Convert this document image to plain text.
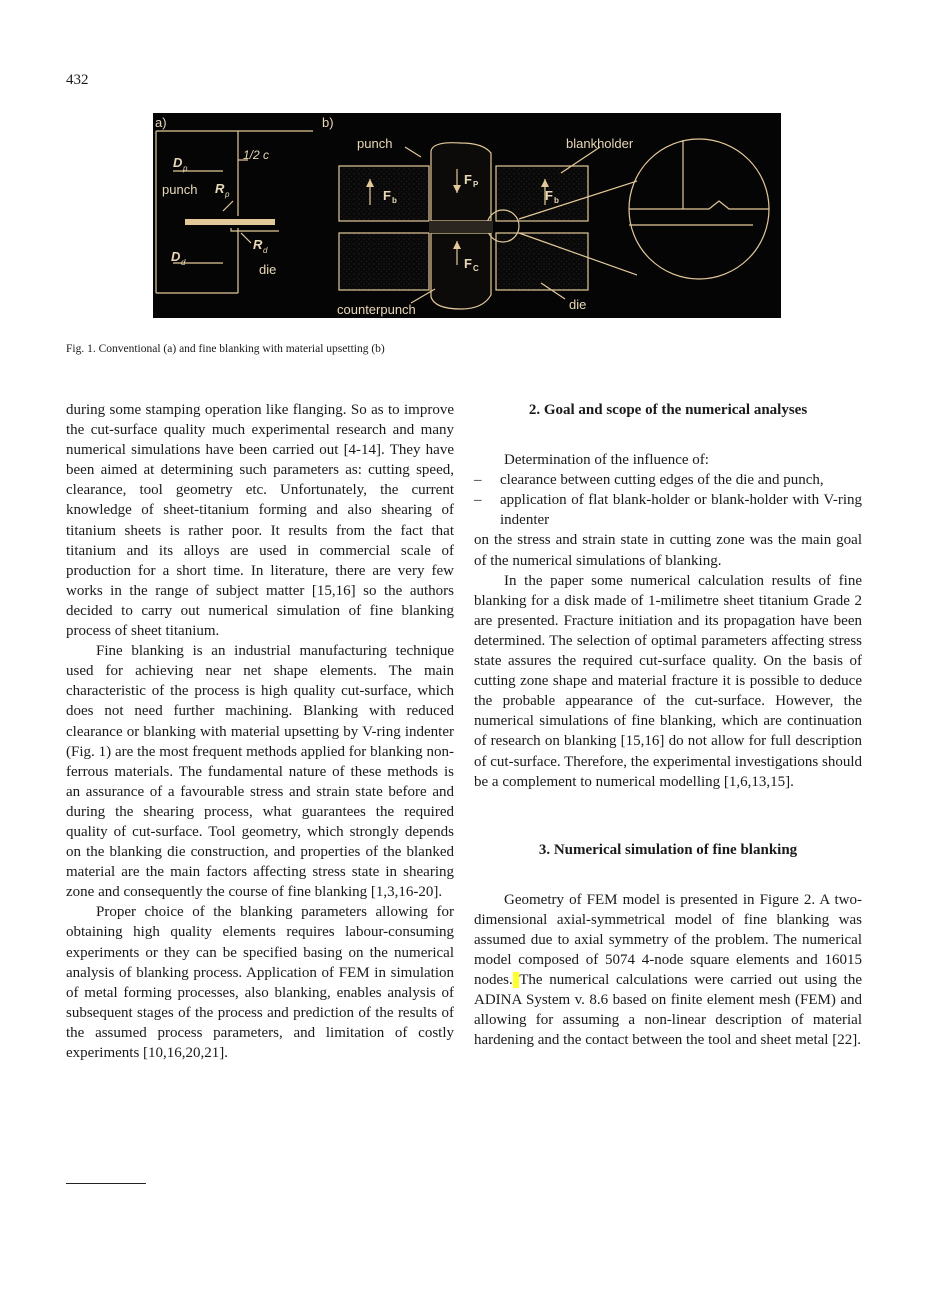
432
a)
D p
1/2 c
punch R p
R d
D d	die
b)
punch	blankholder
F b	F b
F P
F C
counterpunch	die
Fig. 1. Conventional (a) and fine blanking with material upsetting (b)

during some stamping operation like flanging. So as to improve the cut-surface quality much experimental research and many numerical simulations have been carried out [4-14]. They have been aimed at determining such parameters as: cutting speed, clearance, tool geometry etc. Unfortunately, the current knowledge of sheet-titanium forming and also shearing of titanium sheets is rather poor. It results from the fact that titanium and its alloys are used in commercial scale of production for a short time. In literature, there are very few works in the range of subject matter [15,16] so the authors decided to carry out numerical simulation of fine blanking process of sheet titanium.

Fine blanking is an industrial manufacturing technique used for achieving near net shape elements. The main characteristic of the process is high quality cut-surface, which does not need further machining. Blanking with reduced clearance or blanking with material upsetting by V-ring indenter (Fig. 1) are the most frequent methods applied for blanking non-ferrous materials. The fundamental nature of these methods is an assurance of a favourable stress and strain state before and during the shearing process, what guarantees the required quality of cut-surface. Tool geometry, which strongly depends on the blanking die construction, and properties of the blanked material are the main factors affecting stress state in shearing zone and consequently the course of fine blanking [1,3,16-20].

Proper choice of the blanking parameters allowing for obtaining high quality elements requires labour-consuming experiments or they can be specified basing on the numerical analysis of blanking process. Application of FEM in simulation of metal forming processes, also blanking, enables analysis of subsequent stages of the process and prediction of the results of the assumed process parameters, and limitation of costly experiments [10,16,20,21].

2. Goal and scope of the numerical analyses

Determination of the influence of:

– clearance between cutting edges of the die and punch,
– application of flat blank-holder or blank-holder with V-ring indenter

on the stress and strain state in cutting zone was the main goal of the numerical simulations of blanking.

In the paper some numerical calculation results of fine blanking for a disk made of 1-milimetre sheet titanium Grade 2 are presented. Fracture initiation and its propagation have been determined. The selection of optimal parameters affecting stress state assures the required cut-surface quality. On the basis of cutting zone shape and material fracture it is possible to deduce the probable appearance of the cut-surface. However, the numerical simulations of fine blanking, which are continuation of research on blanking [15,16] do not allow for full description of cut-surface. Therefore, the experimental investigations should be a complement to numerical modelling [1,6,13,15].

3. Numerical simulation of fine blanking

Geometry of FEM model is presented in Figure 2. A two-dimensional axial-symmetrical model of fine blanking was assumed due to axial symmetry of the problem. The numerical model composed of 5074 4-node square elements and 16015 nodes. The numerical calculations were carried out using the ADINA System v. 8.6 based on finite element mesh (FEM) and allowing for assuming a non-linear description of material hardening and the contact between the tool and sheet metal [22].
